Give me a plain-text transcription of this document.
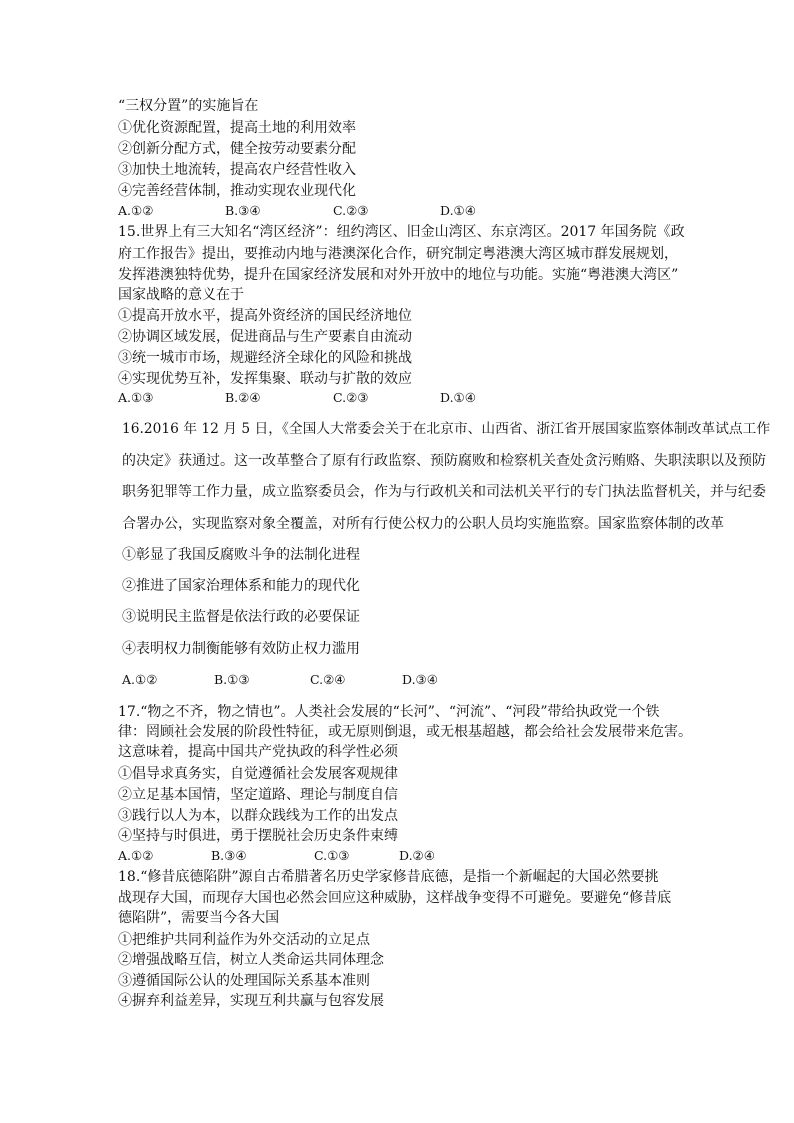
“三权分置”的实施旨在
①优化资源配置，提高土地的利用效率
②创新分配方式，健全按劳动要素分配
③加快土地流转，提高农户经营性收入
④完善经营体制，推动实现农业现代化
A.①②	B.③④	C.②③	D.①④
15.世界上有三大知名“湾区经济”：纽约湾区、旧金山湾区、东京湾区。2017 年国务院《政
府工作报告》提出，要推动内地与港澳深化合作，研究制定粤港澳大湾区城市群发展规划，
发挥港澳独特优势，提升在国家经济发展和对外开放中的地位与功能。实施“粤港澳大湾区”
国家战略的意义在于
①提高开放水平，提高外资经济的国民经济地位
②协调区域发展，促进商品与生产要素自由流动
③统一城市市场，规避经济全球化的风险和挑战
④实现优势互补，发挥集聚、联动与扩散的效应
A.①③	B.②④	C.②③	D.①④
16.2016 年 12 月 5 日，《全国人大常委会关于在北京市、山西省、浙江省开展国家监察体制改革试点工作
的决定》获通过。这一改革整合了原有行政监察、预防腐败和检察机关查处贪污贿赂、失职渎职以及预防
职务犯罪等工作力量，成立监察委员会，作为与行政机关和司法机关平行的专门执法监督机关，并与纪委
合署办公，实现监察对象全覆盖，对所有行使公权力的公职人员均实施监察。国家监察体制的改革
①彰显了我国反腐败斗争的法制化进程
②推进了国家治理体系和能力的现代化
③说明民主监督是依法行政的必要保证
④表明权力制衡能够有效防止权力滥用
A.①②	B.①③	C.②④	D.③④
17.“物之不齐，物之情也”。人类社会发展的“长河”、“河流”、“河段”带给执政党一个铁
律：罔顾社会发展的阶段性特征，或无原则倒退，或无根基超越，都会给社会发展带来危害。
这意味着，提高中国共产党执政的科学性必须
①倡导求真务实，自觉遵循社会发展客观规律
②立足基本国情，坚定道路、理论与制度自信
③践行以人为本，以群众践线为工作的出发点
④坚持与时俱进，勇于摆脱社会历史条件束缚
A.①②	B.③④	C.①③	D.②④
18.“修昔底德陷阱”源自古希腊著名历史学家修昔底德，是指一个新崛起的大国必然要挑
战现存大国，而现存大国也必然会回应这种威胁，这样战争变得不可避免。要避免“修昔底
德陷阱”，需要当今各大国
①把维护共同利益作为外交活动的立足点
②增强战略互信，树立人类命运共同体理念
③遵循国际公认的处理国际关系基本准则
④摒弃利益差异，实现互利共赢与包容发展
